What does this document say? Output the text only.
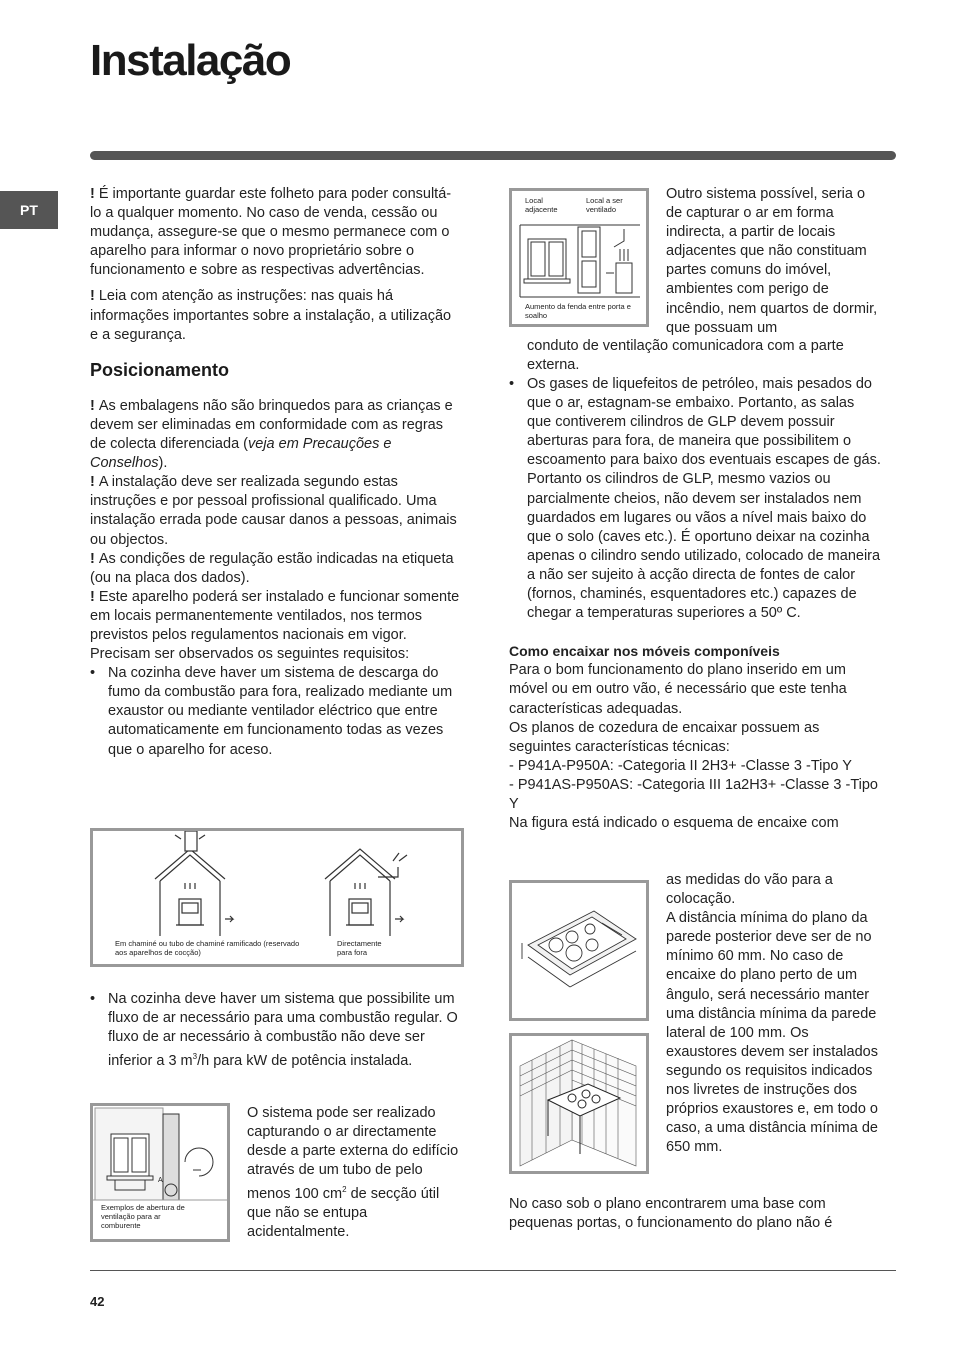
Instalação
PT

! É importante guardar este folheto para poder consultá-lo a qualquer momento. No caso de venda, cessão ou mudança, assegure-se que o mesmo permanece com o aparelho para informar o novo proprietário sobre o funcionamento e sobre as respectivas advertências.

! Leia com atenção as instruções: nas quais há informações importantes sobre a instalação, a utilização e a segurança.

Posicionamento

! As embalagens não são brinquedos para as crianças e devem ser eliminadas em conformidade com as regras de colecta diferenciada (veja em Precauções e Conselhos).

! A instalação deve ser realizada segundo estas instruções e por pessoal profissional qualificado. Uma instalação errada pode causar danos a pessoas, animais ou objectos.

! As condições de regulação estão indicadas na etiqueta (ou na placa dos dados).

! Este aparelho poderá ser instalado e funcionar somente em locais permanentemente ventilados, nos termos previstos pelos regulamentos nacionais em vigor. Precisam ser observados os seguintes requisitos:

• Na cozinha deve haver um sistema de descarga do fumo da combustão para fora, realizado mediante um exaustor ou mediante ventilador eléctrico que entre automaticamente em funcionamento todas as vezes que o aparelho for aceso.
Em chaminé ou tubo de chaminé ramificado (reservado aos aparelhos de cocção)
Directamente para fora
• Na cozinha deve haver um sistema que possibilite um fluxo de ar necessário para uma combustão regular. O fluxo de ar necessário à combustão não deve ser inferior a 3 $m^3/h$ para kW de potência instalada.
A
Exemplos de abertura de ventilação para ar comburente

O sistema pode ser realizado capturando o ar directamente desde a parte externa do edifício através de um tubo de pelo menos 100 $cm^2$ de secção útil que não se entupa acidentalmente.

Local adjacente
Local a ser ventilado
Aumento da fenda entre porta e soalho

Outro sistema possível, seria o de capturar o ar em forma indirecta, a partir de locais adjacentes que não constituam partes comuns do imóvel, ambientes com perigo de incêndio, nem quartos de dormir, que possuam um

• Os gases de liquefeitos de petróleo, mais pesados do que o ar, estagnam-se embaixo. Portanto, as salas que contiverem cilindros de GLP devem possuir aberturas para fora, de maneira que possibilitem o escoamento para baixo dos eventuais escapes de gás. Portanto os cilindros de GLP, mesmo vazios ou parcialmente cheios, não devem ser instalados nem guardados em lugares ou vãos a nível mais baixo do que o solo (caves etc.). É oportuno deixar na cozinha apenas o cilindro sendo utilizado, colocado de maneira a não ser sujeito à acção directa de fontes de calor (fornos, chaminés, esquentadores etc.) capazes de chegar a temperaturas superiores a 50º C.

Como encaixar nos móveis componíveis

Para o bom funcionamento do plano inserido em um móvel ou em outro vão, é necessário que este tenha características adequadas.

Os planos de cozedura de encaixar possuem as seguintes características técnicas:

- P941A-P950A: -Categoria II 2H3+ -Classe 3 -Tipo Y

- P941AS-P950AS: -Categoria III 1a2H3+ -Classe 3 -Tipo Y

Na figura está indicado o esquema de encaixe com

as medidas do vão para a colocação.

A distância mínima do plano da parede posterior deve ser de no mínimo 60 mm. No caso de encaixe do plano perto de um ângulo, será necessário manter uma distância mínima da parede lateral de 100 mm. Os exaustores devem ser instalados segundo os requisitos indicados nos livretes de instruções dos próprios exaustores e, em todo o caso, a uma distância mínima de 650 mm.

No caso sob o plano encontrarem uma base com pequenas portas, o funcionamento do plano não é

42
conduto de ventilação comunicadora com a parte externa.
